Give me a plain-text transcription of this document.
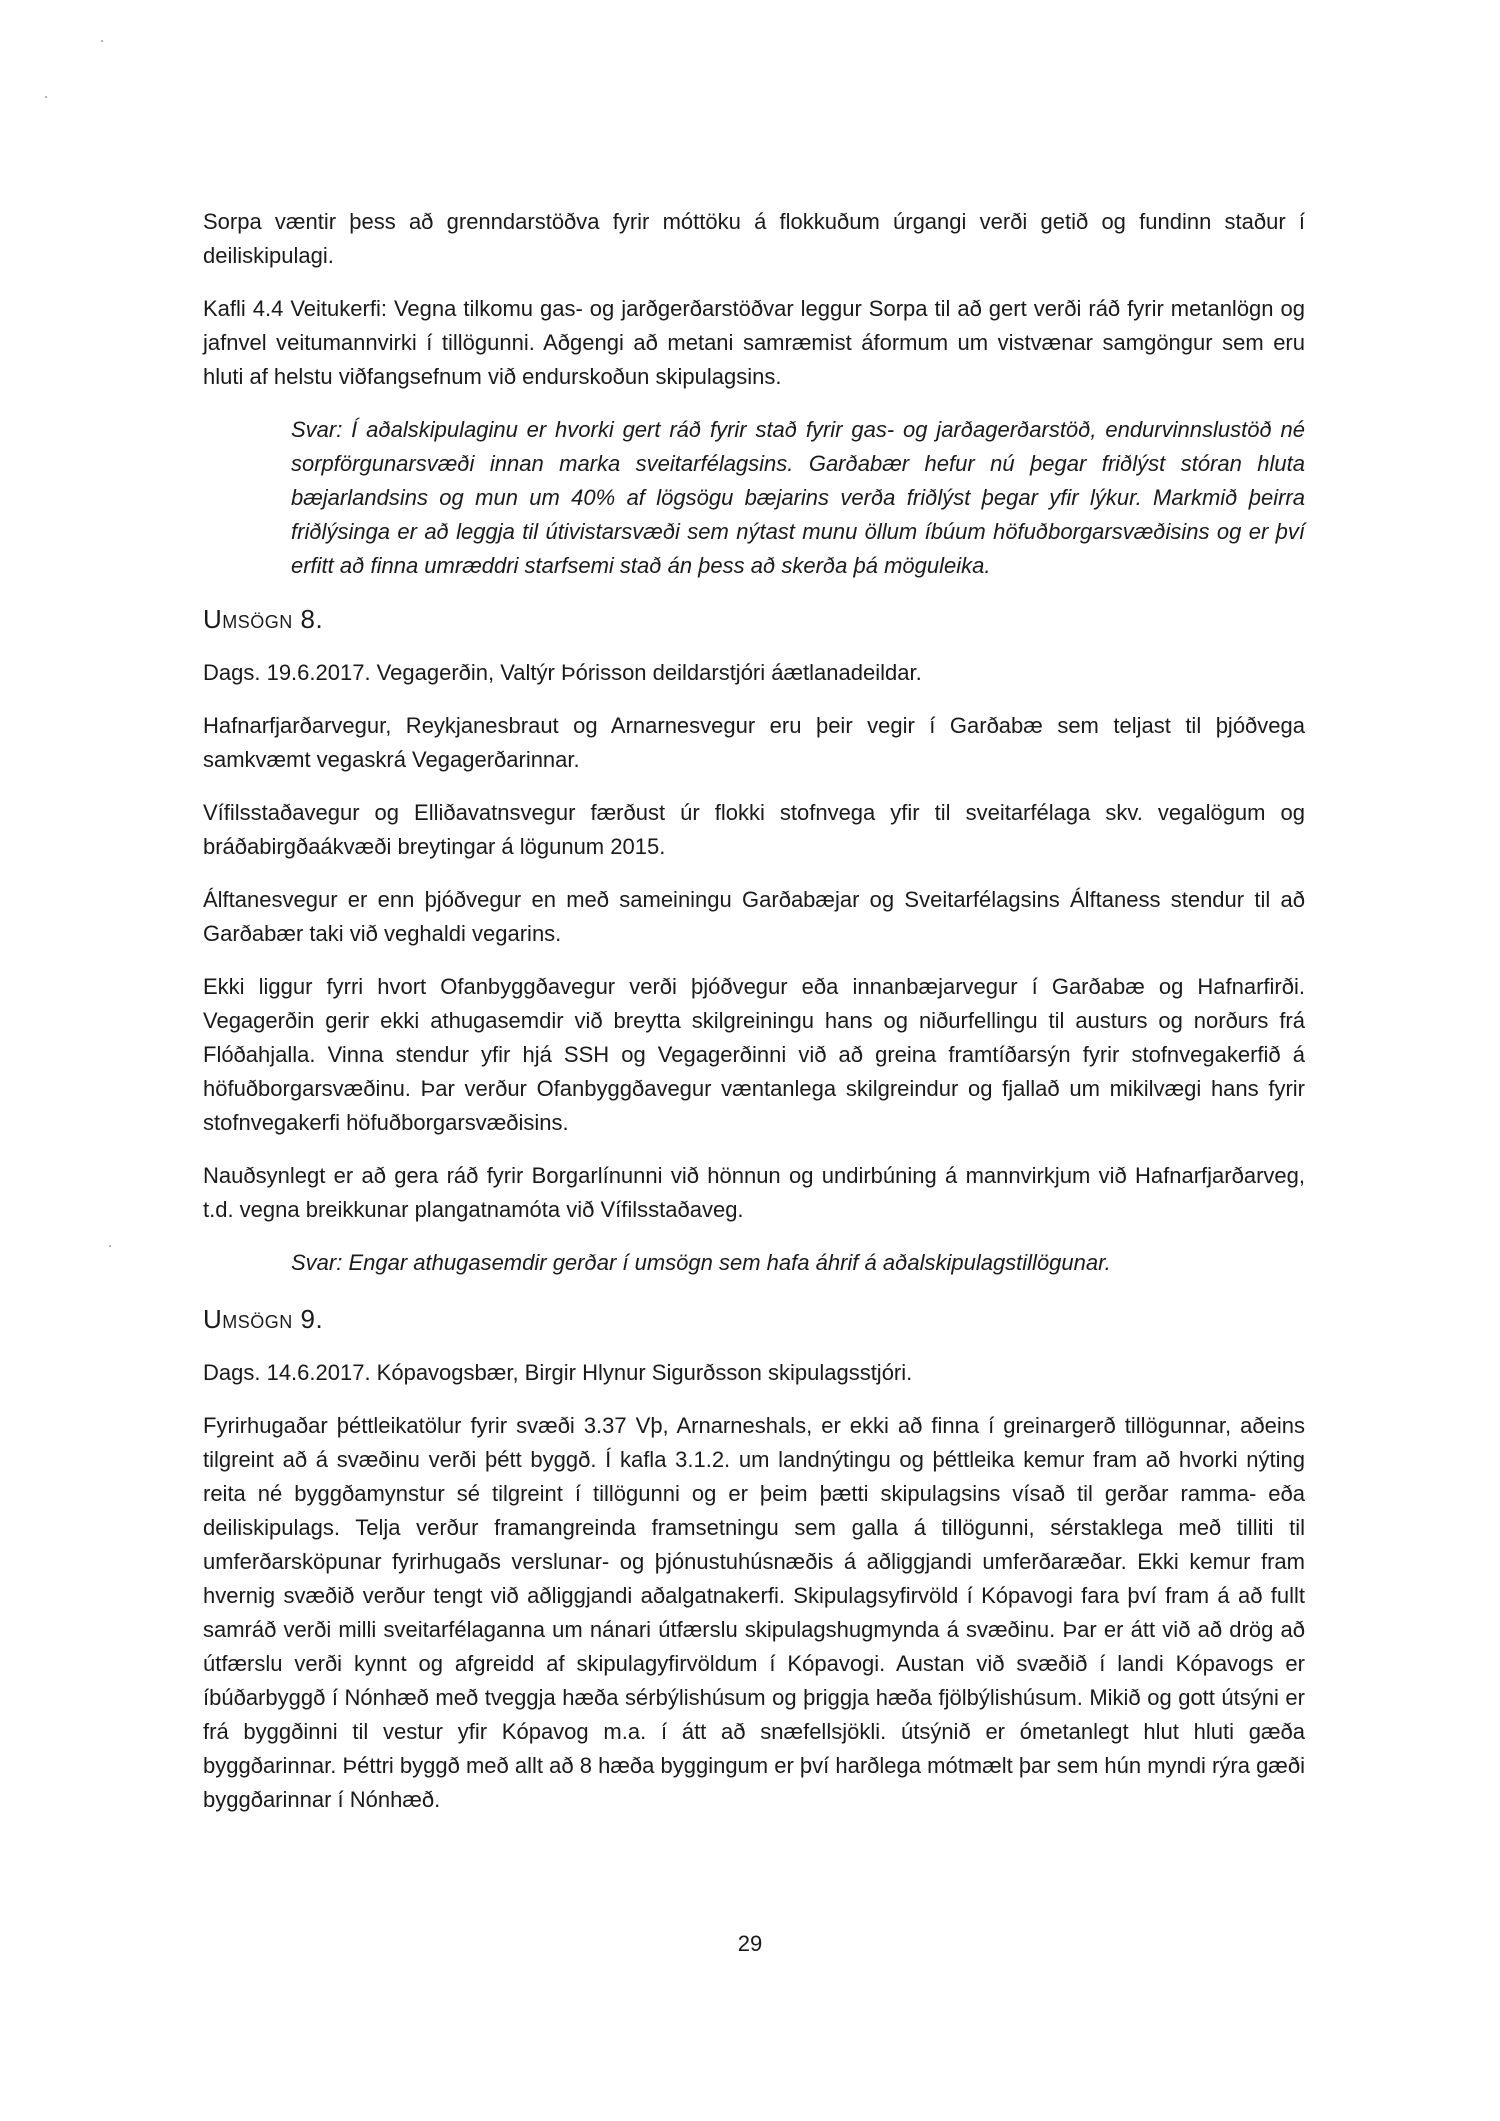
Sorpa væntir þess að grenndarstöðva fyrir móttöku á flokkuðum úrgangi verði getið og fundinn staður í deiliskipulagi.

Kafli 4.4 Veitukerfi: Vegna tilkomu gas- og jarðgerðarstöðvar leggur Sorpa til að gert verði ráð fyrir metanlögn og jafnvel veitumannvirki í tillögunni. Aðgengi að metani samræmist áformum um vistvænar samgöngur sem eru hluti af helstu viðfangsefnum við endurskoðun skipulagsins.

Svar: Í aðalskipulaginu er hvorki gert ráð fyrir stað fyrir gas- og jarðagerðarstöð, endurvinnslustöð né sorpförgunarsvæði innan marka sveitarfélagsins. Garðabær hefur nú þegar friðlýst stóran hluta bæjarlandsins og mun um 40% af lögsögu bæjarins verða friðlýst þegar yfir lýkur. Markmið þeirra friðlýsinga er að leggja til útivistarsvæði sem nýtast munu öllum íbúum höfuðborgarsvæðisins og er því erfitt að finna umræddri starfsemi stað án þess að skerða þá möguleika.

Umsögn 8.

Dags. 19.6.2017. Vegagerðin, Valtýr Þórisson deildarstjóri áætlanadeildar.

Hafnarfjarðarvegur, Reykjanesbraut og Arnarnesvegur eru þeir vegir í Garðabæ sem teljast til þjóðvega samkvæmt vegaskrá Vegagerðarinnar.

Vífilsstaðavegur og Elliðavatnsvegur færðust úr flokki stofnvega yfir til sveitarfélaga skv. vegalögum og bráðabirgðaákvæði breytingar á lögunum 2015.

Álftanesvegur er enn þjóðvegur en með sameiningu Garðabæjar og Sveitarfélagsins Álftaness stendur til að Garðabær taki við veghaldi vegarins.

Ekki liggur fyrri hvort Ofanbyggðavegur verði þjóðvegur eða innanbæjarvegur í Garðabæ og Hafnarfirði. Vegagerðin gerir ekki athugasemdir við breytta skilgreiningu hans og niðurfellingu til austurs og norðurs frá Flóðahjalla. Vinna stendur yfir hjá SSH og Vegagerðinni við að greina framtíðarsýn fyrir stofnvegakerfið á höfuðborgarsvæðinu. Þar verður Ofanbyggðavegur væntanlega skilgreindur og fjallað um mikilvægi hans fyrir stofnvegakerfi höfuðborgarsvæðisins.

Nauðsynlegt er að gera ráð fyrir Borgarlínunni við hönnun og undirbúning á mannvirkjum við Hafnarfjarðarveg, t.d. vegna breikkunar plangatnamóta við Vífilsstaðaveg.

Svar: Engar athugasemdir gerðar í umsögn sem hafa áhrif á aðalskipulagstillögunar.

Umsögn 9.

Dags. 14.6.2017. Kópavogsbær, Birgir Hlynur Sigurðsson skipulagsstjóri.

Fyrirhugaðar þéttleikatölur fyrir svæði 3.37 Vþ, Arnarneshals, er ekki að finna í greinargerð tillögunnar, aðeins tilgreint að á svæðinu verði þétt byggð. Í kafla 3.1.2. um landnýtingu og þéttleika kemur fram að hvorki nýting reita né byggðamynstur sé tilgreint í tillögunni og er þeim þætti skipulagsins vísað til gerðar ramma- eða deiliskipulags. Telja verður framangreinda framsetningu sem galla á tillögunni, sérstaklega með tilliti til umferðarsköpunar fyrirhugaðs verslunar- og þjónustuhúsnæðis á aðliggjandi umferðaræðar. Ekki kemur fram hvernig svæðið verður tengt við aðliggjandi aðalgatnakerfi. Skipulagsyfirvöld í Kópavogi fara því fram á að fullt samráð verði milli sveitarfélaganna um nánari útfærslu skipulagshugmynda á svæðinu. Þar er átt við að drög að útfærslu verði kynnt og afgreidd af skipulagyfirvöldum í Kópavogi. Austan við svæðið í landi Kópavogs er íbúðarbyggð í Nónhæð með tveggja hæða sérbýlishúsum og þriggja hæða fjölbýlishúsum. Mikið og gott útsýni er frá byggðinni til vestur yfir Kópavog m.a. í átt að snæfellsjökli. útsýnið er ómetanlegt hlut hluti gæða byggðarinnar. Þéttri byggð með allt að 8 hæða byggingum er því harðlega mótmælt þar sem hún myndi rýra gæði byggðarinnar í Nónhæð.

29
